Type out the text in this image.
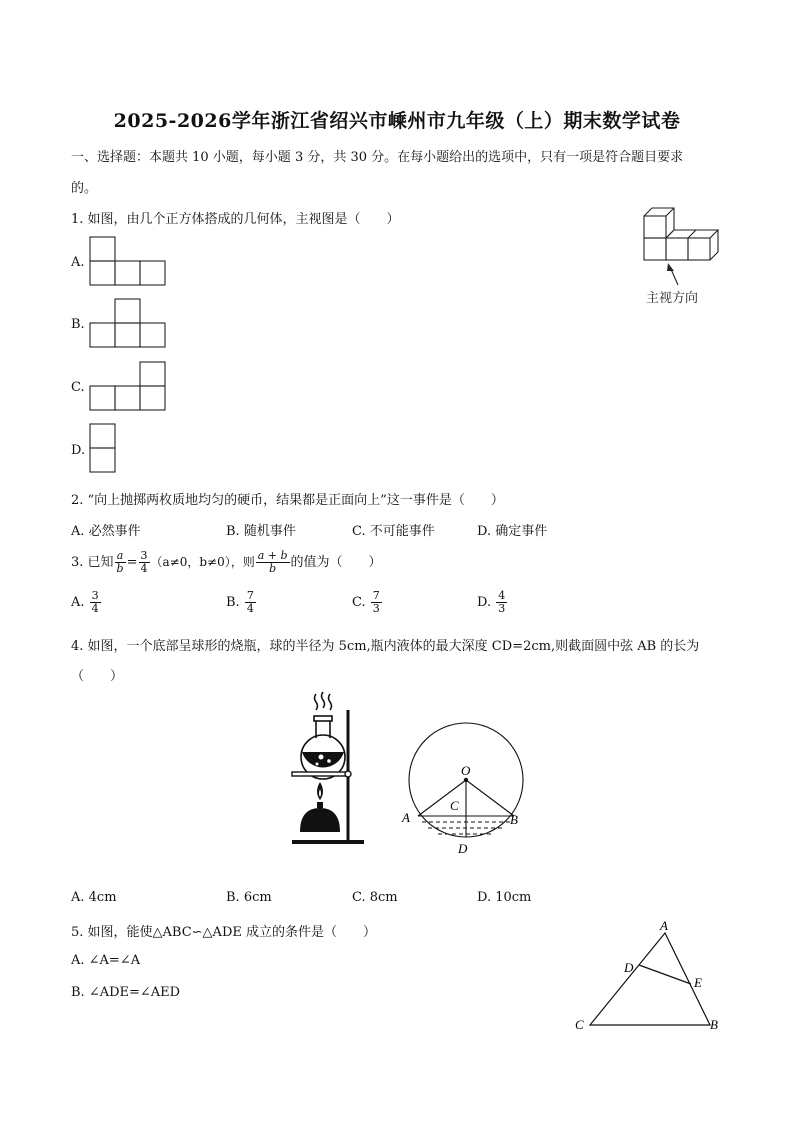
2025-2026学年浙江省绍兴市嵊州市九年级（上）期末数学试卷
一、选择题：本题共 10 小题，每小题 3 分，共 30 分。在每小题给出的选项中，只有一项是符合题目要求
的。
1. 如图，由几个正方体搭成的几何体，主视图是（　　）
主视方向
A.
B.
C.
D.
2. “向上抛掷两枚质地均匀的硬币，结果都是正面向上”这一事件是（　　）
A. 必然事件	B. 随机事件	C. 不可能事件	D. 确定事件
3. 已知 $\frac{a}{b} = \frac{3}{4} (a\ne 0$，b≠0），则 $\frac{a + b}{b}$ 的值为（　　）
A. $\frac{3}{4}$	B. $\frac{7}{4}$	C. $\frac{7}{3}$	D. $\frac{4}{3}$
4. 如图，一个底部呈球形的烧瓶，球的半径为 5cm,瓶内液体的最大深度 CD=2cm,则截面圆中弦 AB 的长为
（　　）
O
C
A	B
D
A. 4cm	B. 6cm	C. 8cm	D. 10cm
5. 如图，能使△ABC∽△ADE 成立的条件是（　　）
A. ∠A=∠A
B. ∠ADE=∠AED
A
D
E
C	B
